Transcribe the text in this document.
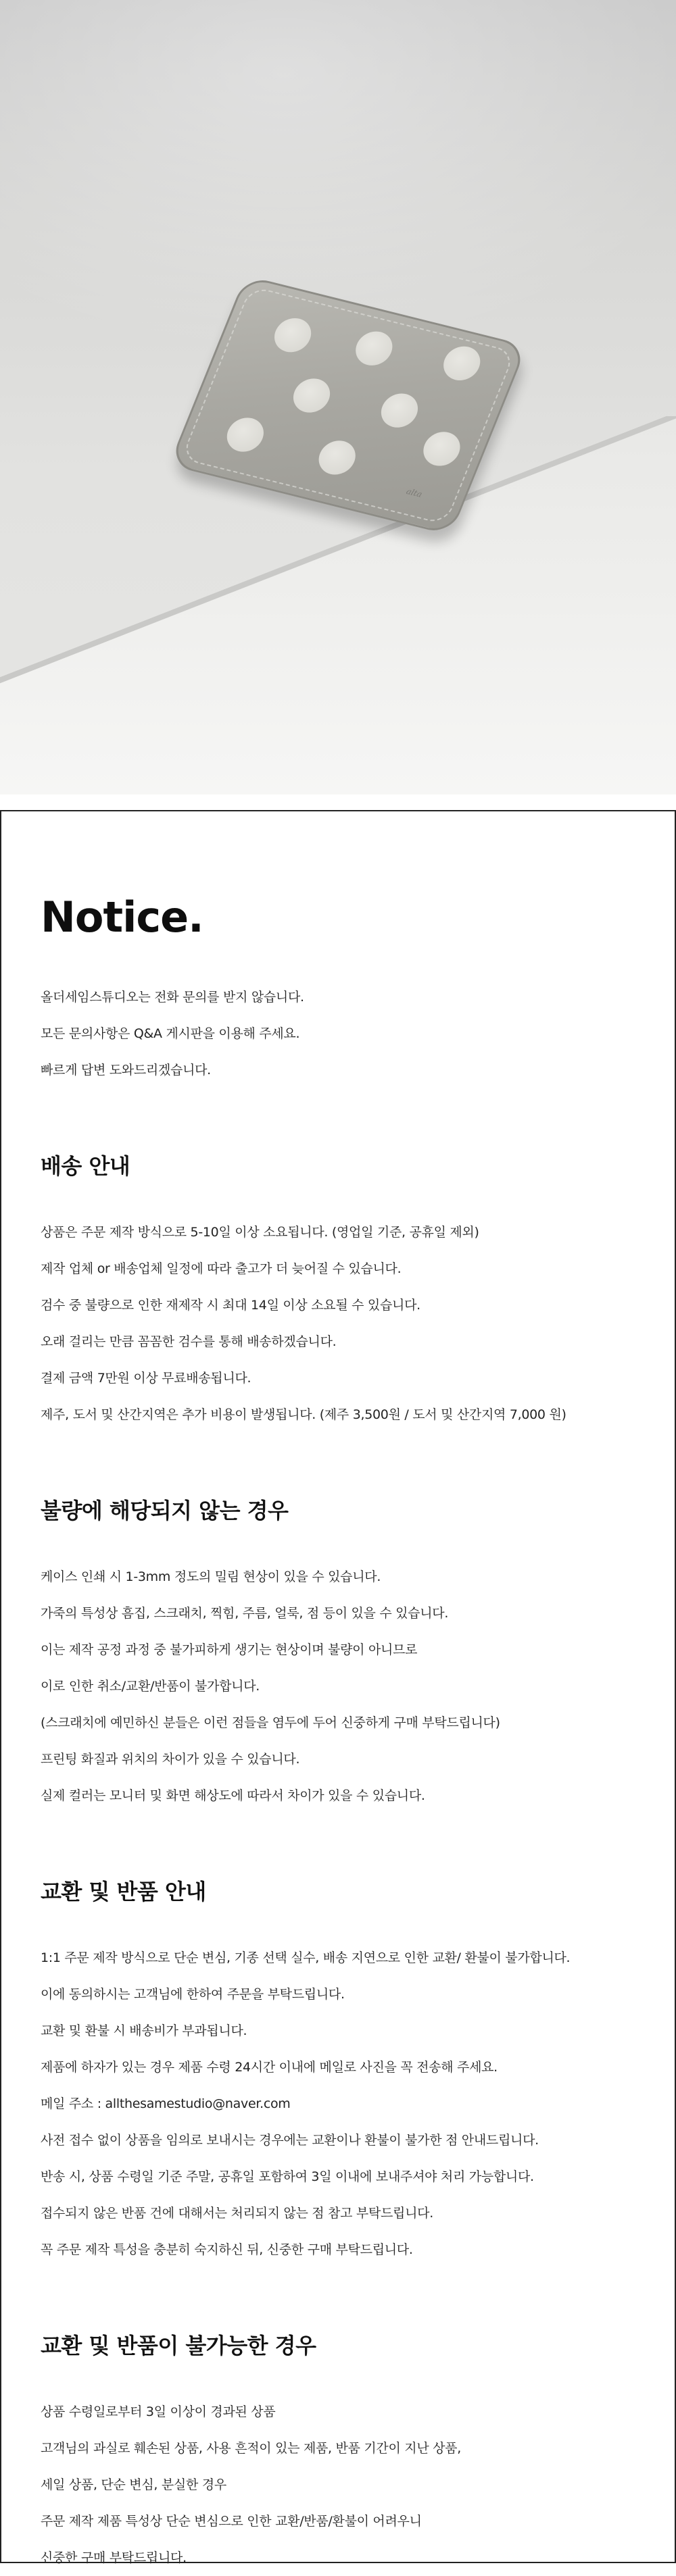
alta
Notice.

올더세임스튜디오는 전화 문의를 받지 않습니다.

모든 문의사항은 Q&A 게시판을 이용해 주세요.

빠르게 답변 도와드리겠습니다.

배송 안내

상품은 주문 제작 방식으로 5-10일 이상 소요됩니다. (영업일 기준, 공휴일 제외)

제작 업체 or 배송업체 일정에 따라 출고가 더 늦어질 수 있습니다.

검수 중 불량으로 인한 재제작 시 최대 14일 이상 소요될 수 있습니다.

오래 걸리는 만큼 꼼꼼한 검수를 통해 배송하겠습니다.

결제 금액 7만원 이상 무료배송됩니다.

제주, 도서 및 산간지역은 추가 비용이 발생됩니다. (제주 3,500원 / 도서 및 산간지역 7,000 원)

불량에 해당되지 않는 경우

케이스 인쇄 시 1-3mm 정도의 밀림 현상이 있을 수 있습니다.

가죽의 특성상 흠집, 스크래치, 찍힘, 주름, 얼룩, 점 등이 있을 수 있습니다.

이는 제작 공정 과정 중 불가피하게 생기는 현상이며 불량이 아니므로

이로 인한 취소/교환/반품이 불가합니다.

(스크래치에 예민하신 분들은 이런 점들을 염두에 두어 신중하게 구매 부탁드립니다)

프린팅 화질과 위치의 차이가 있을 수 있습니다.

실제 컬러는 모니터 및 화면 해상도에 따라서 차이가 있을 수 있습니다.

교환 및 반품 안내

1:1 주문 제작 방식으로 단순 변심, 기종 선택 실수, 배송 지연으로 인한 교환/ 환불이 불가합니다.

이에 동의하시는 고객님에 한하여 주문을 부탁드립니다.

교환 및 환불 시 배송비가 부과됩니다.

제품에 하자가 있는 경우 제품 수령 24시간 이내에 메일로 사진을 꼭 전송해 주세요.

메일 주소 : allthesamestudio@naver.com

사전 접수 없이 상품을 임의로 보내시는 경우에는 교환이나 환불이 불가한 점 안내드립니다.

반송 시, 상품 수령일 기준 주말, 공휴일 포함하여 3일 이내에 보내주셔야 처리 가능합니다.

접수되지 않은 반품 건에 대해서는 처리되지 않는 점 참고 부탁드립니다.

꼭 주문 제작 특성을 충분히 숙지하신 뒤, 신중한 구매 부탁드립니다.

교환 및 반품이 불가능한 경우

상품 수령일로부터 3일 이상이 경과된 상품

고객님의 과실로 훼손된 상품, 사용 흔적이 있는 제품, 반품 기간이 지난 상품,

세일 상품, 단순 변심, 분실한 경우

주문 제작 제품 특성상 단순 변심으로 인한 교환/반품/환불이 어려우니

신중한 구매 부탁드립니다.
